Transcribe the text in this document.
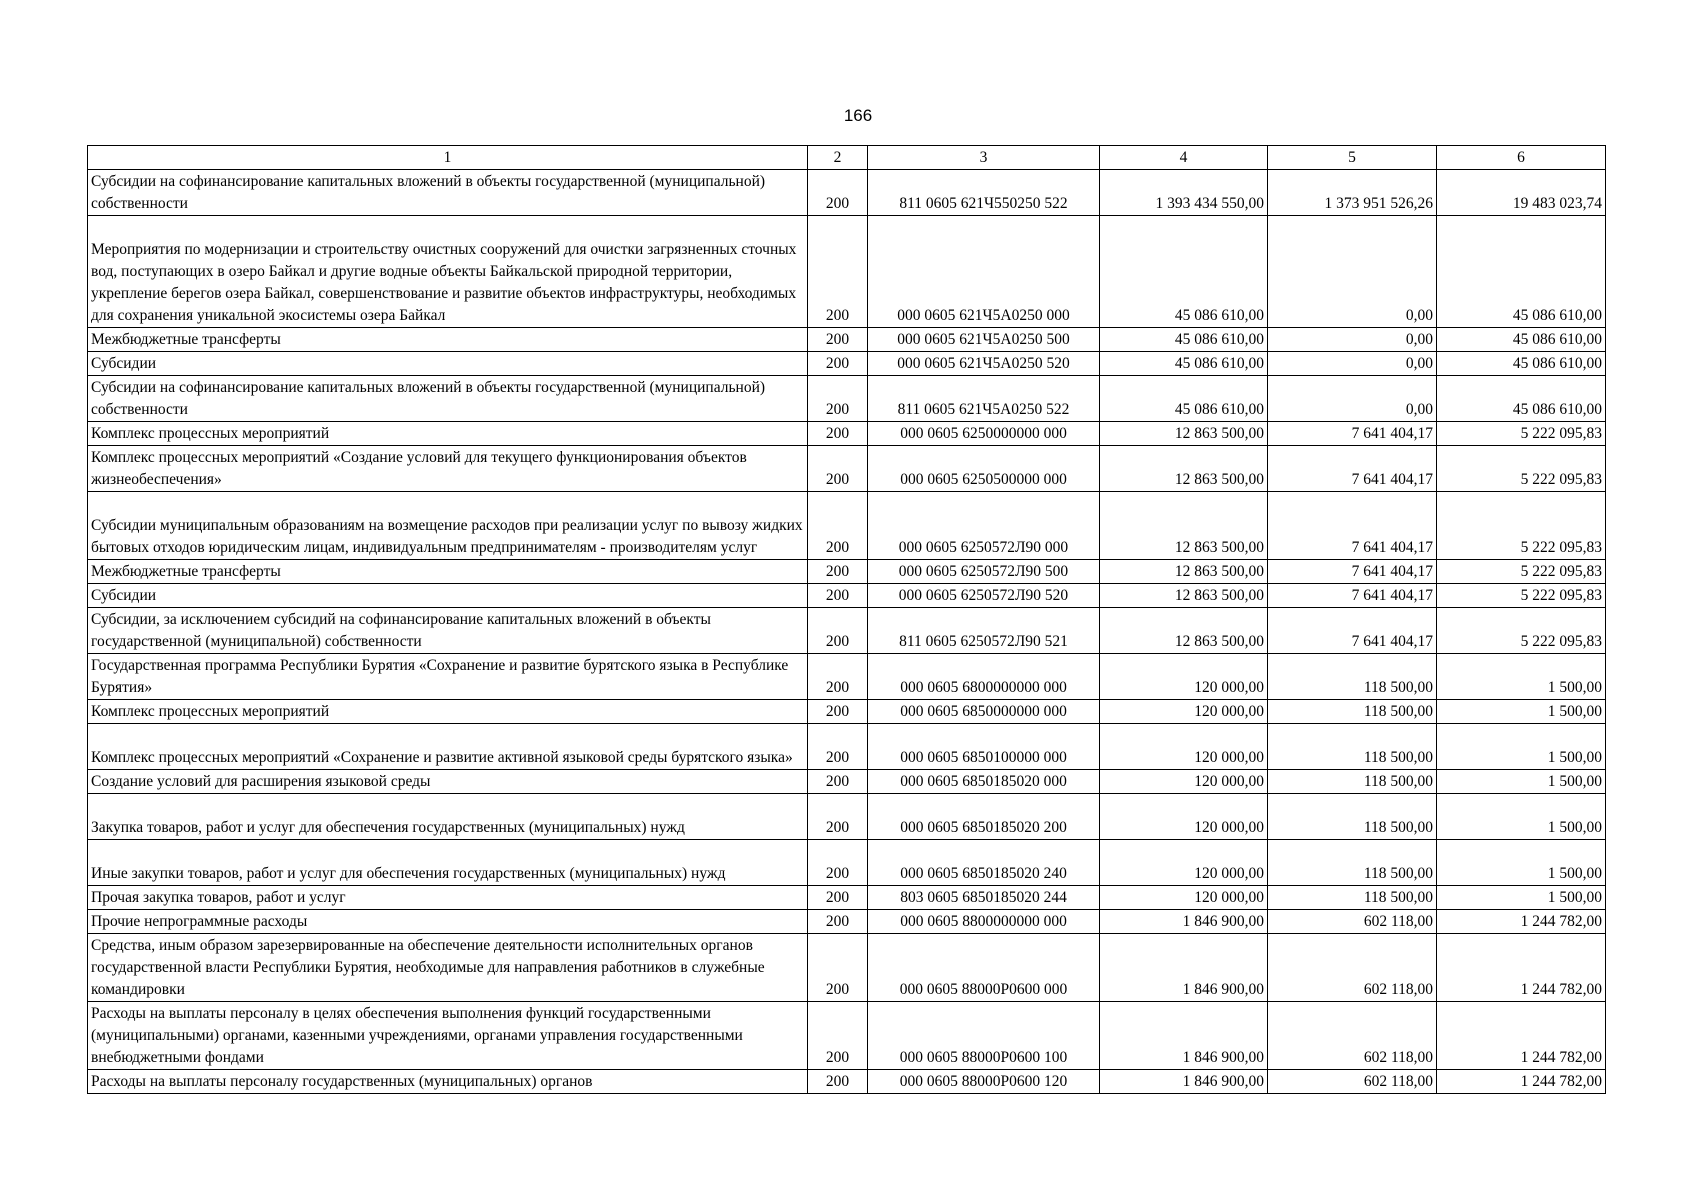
166
1	2	3	4	5	6
Субсидии на софинансирование капитальных вложений в объекты государственной (муниципальной) собственности	200	811 0605 621Ч550250 522	1 393 434 550,00	1 373 951 526,26	19 483 023,74
Мероприятия по модернизации и строительству очистных сооружений для очистки загрязненных сточных вод, поступающих в озеро Байкал и другие водные объекты Байкальской природной территории, укрепление берегов озера Байкал, совершенствование и развитие объектов инфраструктуры, необходимых для сохранения уникальной экосистемы озера Байкал	200	000 0605 621Ч5А0250 000	45 086 610,00	0,00	45 086 610,00
Межбюджетные трансферты	200	000 0605 621Ч5А0250 500	45 086 610,00	0,00	45 086 610,00
Субсидии	200	000 0605 621Ч5А0250 520	45 086 610,00	0,00	45 086 610,00
Субсидии на софинансирование капитальных вложений в объекты государственной (муниципальной) собственности	200	811 0605 621Ч5А0250 522	45 086 610,00	0,00	45 086 610,00
Комплекс процессных мероприятий	200	000 0605 6250000000 000	12 863 500,00	7 641 404,17	5 222 095,83
Комплекс процессных мероприятий «Создание условий для текущего функционирования объектов жизнеобеспечения»	200	000 0605 6250500000 000	12 863 500,00	7 641 404,17	5 222 095,83
Субсидии муниципальным образованиям на возмещение расходов при реализации услуг по вывозу жидких бытовых отходов юридическим лицам, индивидуальным предпринимателям - производителям услуг	200	000 0605 6250572Л90 000	12 863 500,00	7 641 404,17	5 222 095,83
Межбюджетные трансферты	200	000 0605 6250572Л90 500	12 863 500,00	7 641 404,17	5 222 095,83
Субсидии	200	000 0605 6250572Л90 520	12 863 500,00	7 641 404,17	5 222 095,83
Субсидии, за исключением субсидий на софинансирование капитальных вложений в объекты государственной (муниципальной) собственности	200	811 0605 6250572Л90 521	12 863 500,00	7 641 404,17	5 222 095,83
Государственная программа Республики Бурятия «Сохранение и развитие бурятского языка в Республике Бурятия»	200	000 0605 6800000000 000	120 000,00	118 500,00	1 500,00
Комплекс процессных мероприятий	200	000 0605 6850000000 000	120 000,00	118 500,00	1 500,00
Комплекс процессных мероприятий «Сохранение и развитие активной языковой среды бурятского языка»	200	000 0605 6850100000 000	120 000,00	118 500,00	1 500,00
Создание условий для расширения языковой среды	200	000 0605 6850185020 000	120 000,00	118 500,00	1 500,00
Закупка товаров, работ и услуг для обеспечения государственных (муниципальных) нужд	200	000 0605 6850185020 200	120 000,00	118 500,00	1 500,00
Иные закупки товаров, работ и услуг для обеспечения государственных (муниципальных) нужд	200	000 0605 6850185020 240	120 000,00	118 500,00	1 500,00
Прочая закупка товаров, работ и услуг	200	803 0605 6850185020 244	120 000,00	118 500,00	1 500,00
Прочие непрограммные расходы	200	000 0605 8800000000 000	1 846 900,00	602 118,00	1 244 782,00
Средства, иным образом зарезервированные на обеспечение деятельности исполнительных органов государственной власти Республики Бурятия, необходимые для направления работников в служебные командировки	200	000 0605 88000Р0600 000	1 846 900,00	602 118,00	1 244 782,00
Расходы на выплаты персоналу в целях обеспечения выполнения функций государственными (муниципальными) органами, казенными учреждениями, органами управления государственными внебюджетными фондами	200	000 0605 88000Р0600 100	1 846 900,00	602 118,00	1 244 782,00
Расходы на выплаты персоналу государственных (муниципальных) органов	200	000 0605 88000Р0600 120	1 846 900,00	602 118,00	1 244 782,00
